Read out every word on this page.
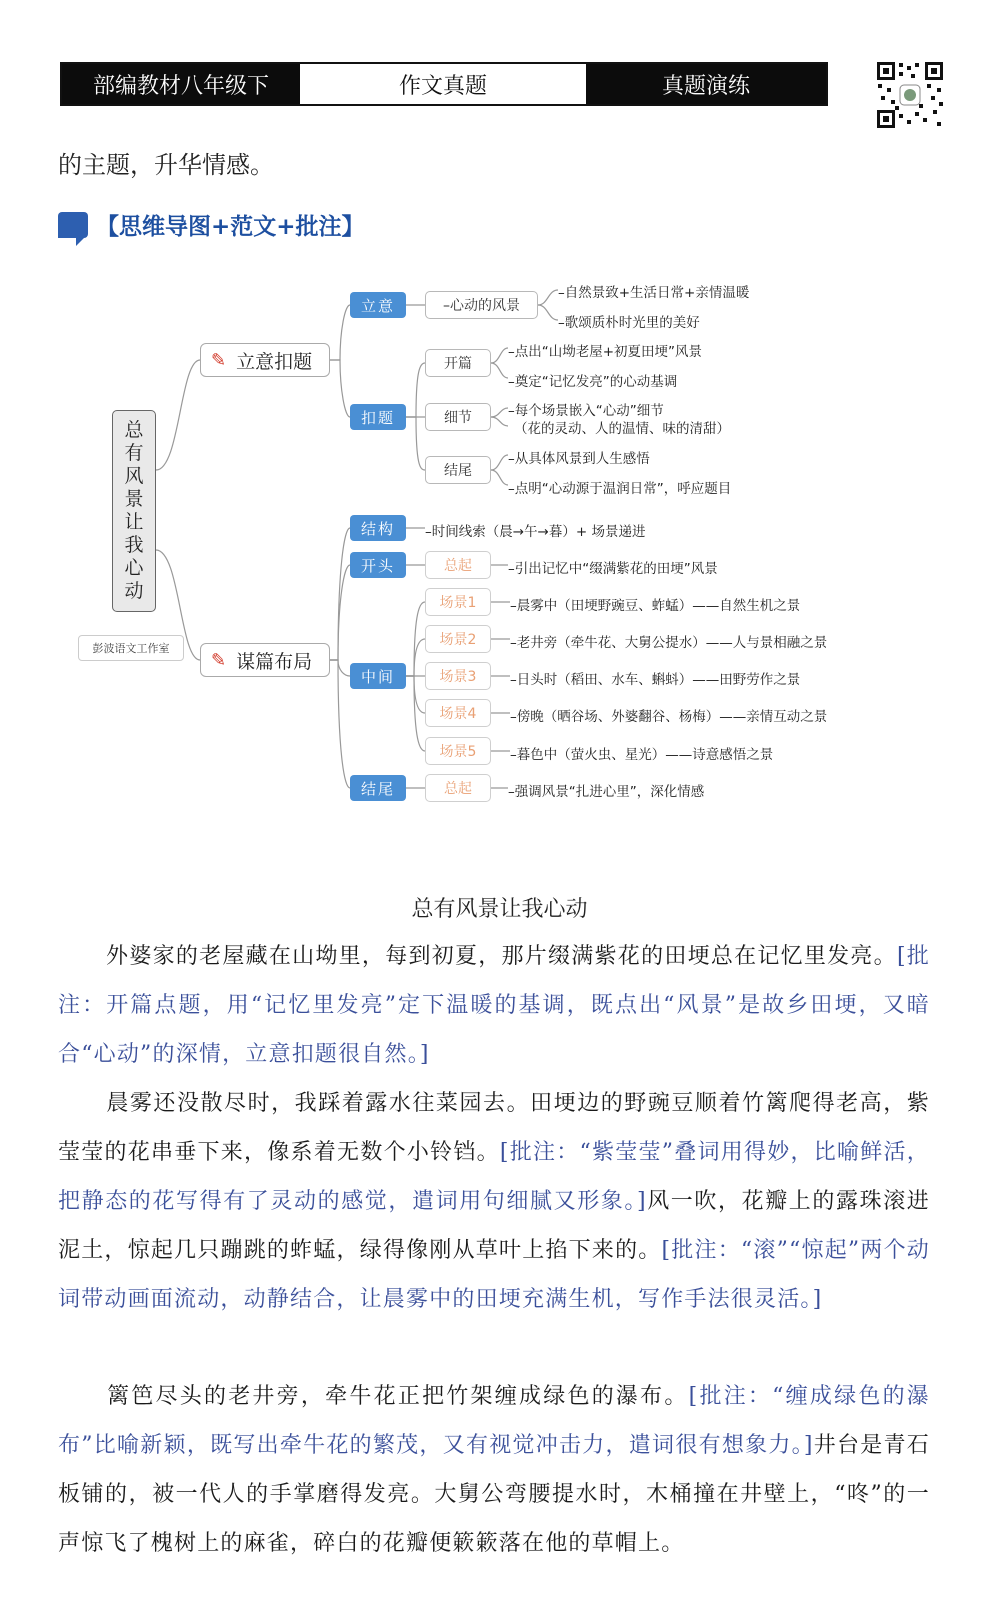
部编教材八年级下	作文真题	真题演练
的主题，升华情感。
【思维导图+范文+批注】
总
有
风
景
让
我
心
动
彭波语文工作室
✎ 立意扣题
✎ 谋篇布局
立意	–心动的风景
–自然景致+生活日常+亲情温暖
–歌颂质朴时光里的美好
扣题
开篇
–点出“山坳老屋+初夏田埂”风景
–奠定“记忆发亮”的心动基调
细节	–每个场景嵌入“心动”细节
（花的灵动、人的温情、味的清甜）
结尾
–从具体风景到人生感悟
–点明“心动源于温润日常”，呼应题目
结构	–时间线索（晨→午→暮）+ 场景递进
开头	总起	–引出记忆中“缀满紫花的田埂”风景
中间
场景1	–晨雾中（田埂野豌豆、蚱蜢）——自然生机之景
场景2	–老井旁（牵牛花、大舅公提水）——人与景相融之景
场景3	–日头时（稻田、水车、蝌蚪）——田野劳作之景
场景4	–傍晚（晒谷场、外婆翻谷、杨梅）——亲情互动之景
场景5	–暮色中（萤火虫、星光）——诗意感悟之景
结尾	总起	–强调风景“扎进心里”，深化情感
总有风景让我心动
外婆家的老屋藏在山坳里，每到初夏，那片缀满紫花的田埂总在记忆里发亮。[批注：开篇点题，用“记忆里发亮”定下温暖的基调，既点出“风景”是故乡田埂，又暗合“心动”的深情，立意扣题很自然。]
晨雾还没散尽时，我踩着露水往菜园去。田埂边的野豌豆顺着竹篱爬得老高，紫莹莹的花串垂下来，像系着无数个小铃铛。[批注：“紫莹莹”叠词用得妙，比喻鲜活，把静态的花写得有了灵动的感觉，遣词用句细腻又形象。]风一吹，花瓣上的露珠滚进泥土，惊起几只蹦跳的蚱蜢，绿得像刚从草叶上掐下来的。[批注：“滚”“惊起”两个动词带动画面流动，动静结合，让晨雾中的田埂充满生机，写作手法很灵活。]
篱笆尽头的老井旁，牵牛花正把竹架缠成绿色的瀑布。[批注：“缠成绿色的瀑布”比喻新颖，既写出牵牛花的繁茂，又有视觉冲击力，遣词很有想象力。]井台是青石板铺的，被一代人的手掌磨得发亮。大舅公弯腰提水时，木桶撞在井壁上，“咚”的一声惊飞了槐树上的麻雀，碎白的花瓣便簌簌落在他的草帽上。
